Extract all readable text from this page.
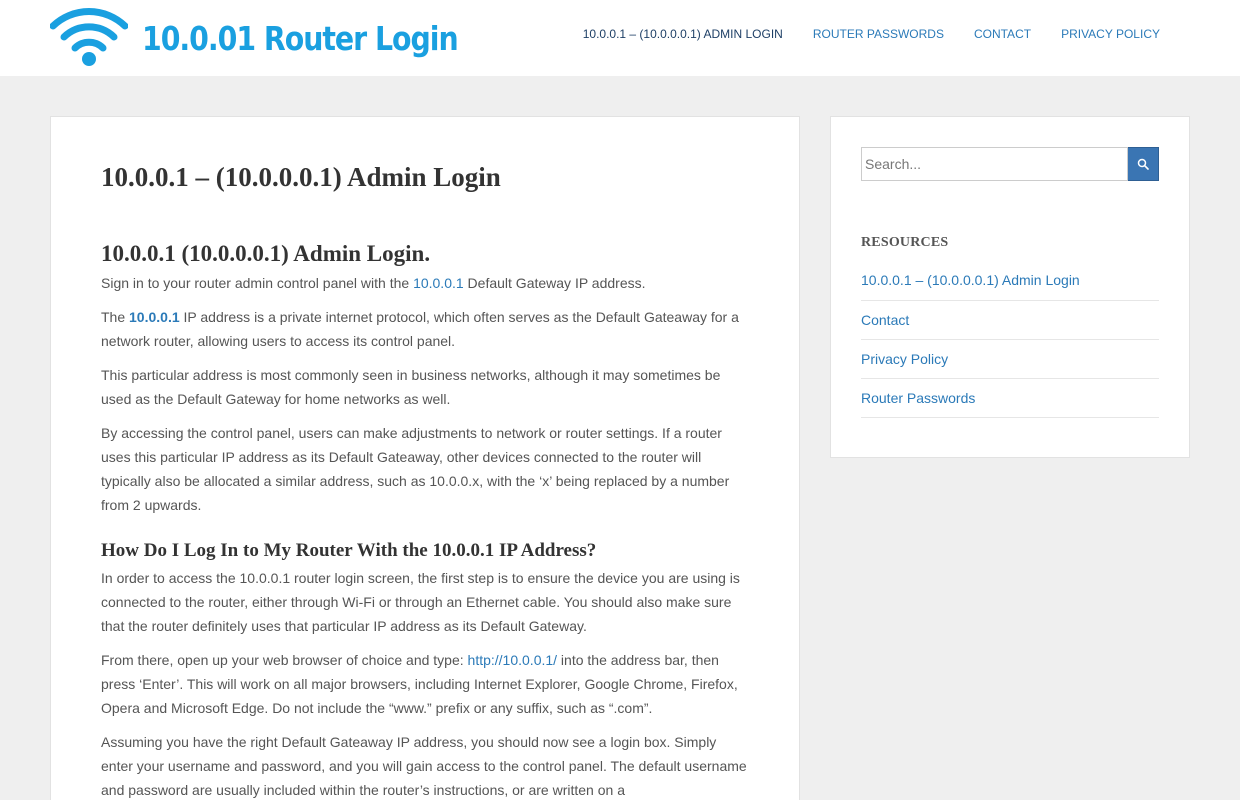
10.0.01 Router Login	10.0.0.1 – (10.0.0.0.1) ADMIN LOGIN	ROUTER PASSWORDS	CONTACT	PRIVACY POLICY
10.0.0.1 – (10.0.0.0.1) Admin Login
10.0.0.1 (10.0.0.0.1) Admin Login.

Sign in to your router admin control panel with the 10.0.0.1 Default Gateway IP address.

The 10.0.0.1 IP address is a private internet protocol, which often serves as the Default Gateaway for a network router, allowing users to access its control panel.

This particular address is most commonly seen in business networks, although it may sometimes be used as the Default Gateway for home networks as well.

By accessing the control panel, users can make adjustments to network or router settings. If a router uses this particular IP address as its Default Gateaway, other devices connected to the router will typically also be allocated a similar address, such as 10.0.0.x, with the ‘x’ being replaced by a number from 2 upwards.

How Do I Log In to My Router With the 10.0.0.1 IP Address?

In order to access the 10.0.0.1 router login screen, the first step is to ensure the device you are using is connected to the router, either through Wi-Fi or through an Ethernet cable. You should also make sure that the router definitely uses that particular IP address as its Default Gateway.

From there, open up your web browser of choice and type: http://10.0.0.1/ into the address bar, then press ‘Enter’. This will work on all major browsers, including Internet Explorer, Google Chrome, Firefox, Opera and Microsoft Edge. Do not include the “www.” prefix or any suffix, such as “.com”.

Assuming you have the right Default Gateaway IP address, you should now see a login box. Simply enter your username and password, and you will gain access to the control panel. The default username and password are usually included within the router’s instructions, or are written on a

Search...
RESOURCES
10.0.0.1 – (10.0.0.0.1) Admin Login
Contact
Privacy Policy
Router Passwords
